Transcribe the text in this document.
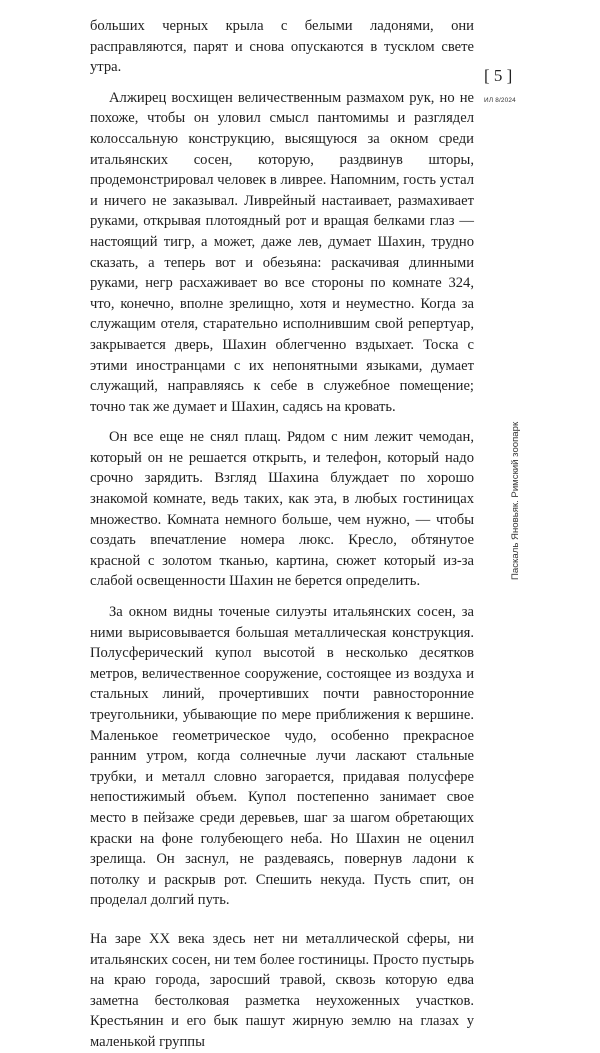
больших черных крыла с белыми ладонями, они расправляются, парят и снова опускаются в тусклом свете утра.

Алжирец восхищен величественным размахом рук, но не похоже, чтобы он уловил смысл пантомимы и разглядел колоссальную конструкцию, высящуюся за окном среди итальянских сосен, которую, раздвинув шторы, продемонстрировал человек в ливрее. Напомним, гость устал и ничего не заказывал. Ливрейный настаивает, размахивает руками, открывая плотоядный рот и вращая белками глаз — настоящий тигр, а может, даже лев, думает Шахин, трудно сказать, а теперь вот и обезьяна: раскачивая длинными руками, негр расхаживает во все стороны по комнате 324, что, конечно, вполне зрелищно, хотя и неуместно. Когда за служащим отеля, старательно исполнившим свой репертуар, закрывается дверь, Шахин облегченно вздыхает. Тоска с этими иностранцами с их непонятными языками, думает служащий, направляясь к себе в служебное помещение; точно так же думает и Шахин, садясь на кровать.

Он все еще не снял плащ. Рядом с ним лежит чемодан, который он не решается открыть, и телефон, который надо срочно зарядить. Взгляд Шахина блуждает по хорошо знакомой комнате, ведь таких, как эта, в любых гостиницах множество. Комната немного больше, чем нужно, — чтобы создать впечатление номера люкс. Кресло, обтянутое красной с золотом тканью, картина, сюжет который из-за слабой освещенности Шахин не берется определить.

За окном видны точеные силуэты итальянских сосен, за ними вырисовывается большая металлическая конструкция. Полусферический купол высотой в несколько десятков метров, величественное сооружение, состоящее из воздуха и стальных линий, прочертивших почти равносторонние треугольники, убывающие по мере приближения к вершине. Маленькое геометрическое чудо, особенно прекрасное ранним утром, когда солнечные лучи ласкают стальные трубки, и металл словно загорается, придавая полусфере непостижимый объем. Купол постепенно занимает свое место в пейзаже среди деревьев, шаг за шагом обретающих краски на фоне голубеющего неба. Но Шахин не оценил зрелища. Он заснул, не раздеваясь, повернув ладони к потолку и раскрыв рот. Спешить некуда. Пусть спит, он проделал долгий путь.

На заре XX века здесь нет ни металлической сферы, ни итальянских сосен, ни тем более гостиницы. Просто пустырь на краю города, заросший травой, сквозь которую едва заметна бестолковая разметка неухоженных участков. Крестьянин и его бык пашут жирную землю на глазах у маленькой группы

[ 5 ]
ИЛ 8/2024
Паскаль Яновьяк. Римский зоопарк
